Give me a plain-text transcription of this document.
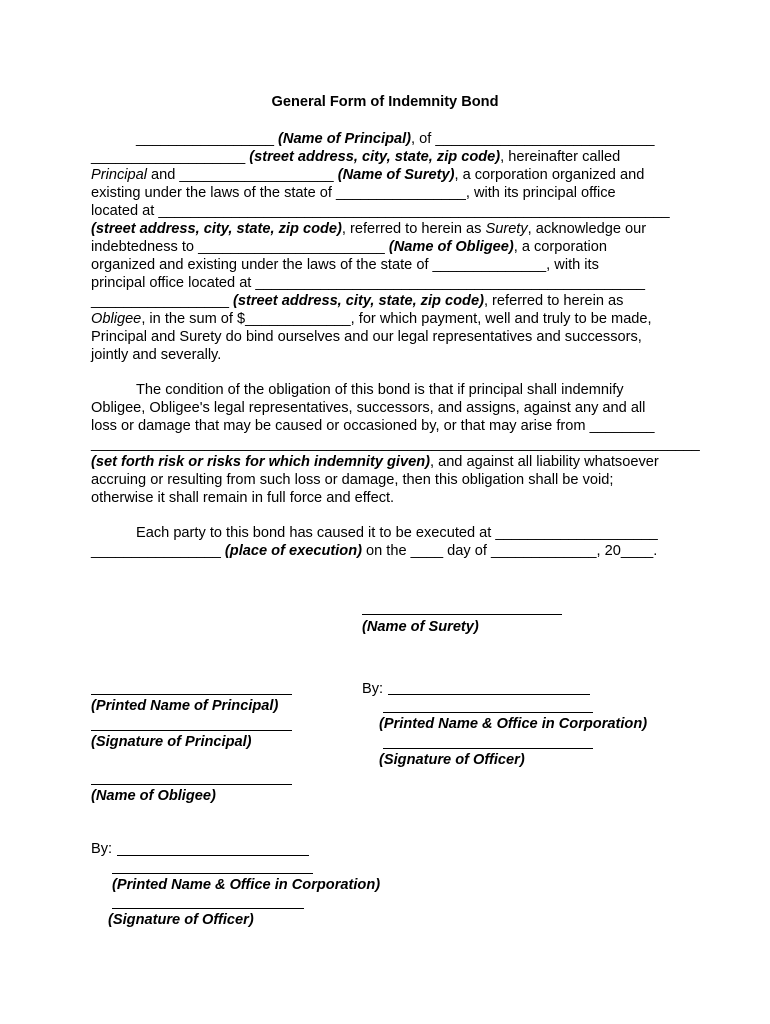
General Form of Indemnity Bond
_________________ (Name of Principal), of ___________________________
___________________ (street address, city, state, zip code), hereinafter called
Principal and ___________________ (Name of Surety), a corporation organized and
existing under the laws of the state of ________________, with its principal office
located at _______________________________________________________________
(street address, city, state, zip code), referred to herein as Surety, acknowledge our
indebtedness to _______________________ (Name of Obligee), a corporation
organized and existing under the laws of the state of ______________, with its
principal office located at ________________________________________________
_________________ (street address, city, state, zip code), referred to herein as
Obligee, in the sum of $_____________, for which payment, well and truly to be made,
Principal and Surety do bind ourselves and our legal representatives and successors,
jointly and severally.
The condition of the obligation of this bond is that if principal shall indemnify
Obligee, Obligee's legal representatives, successors, and assigns, against any and all
loss or damage that may be caused or occasioned by, or that may arise from ________
___________________________________________________________________________
(set forth risk or risks for which indemnity given), and against all liability whatsoever
accruing or resulting from such loss or damage, then this obligation shall be void;
otherwise it shall remain in full force and effect.
Each party to this bond has caused it to be executed at ____________________
________________ (place of execution) on the ____ day of _____________, 20____.
(Name of Surety)
By:
(Printed Name & Office in Corporation)
(Signature of Officer)
(Printed Name of Principal)
(Signature of Principal)
(Name of Obligee)
By:
(Printed Name & Office in Corporation)
(Signature of Officer)
